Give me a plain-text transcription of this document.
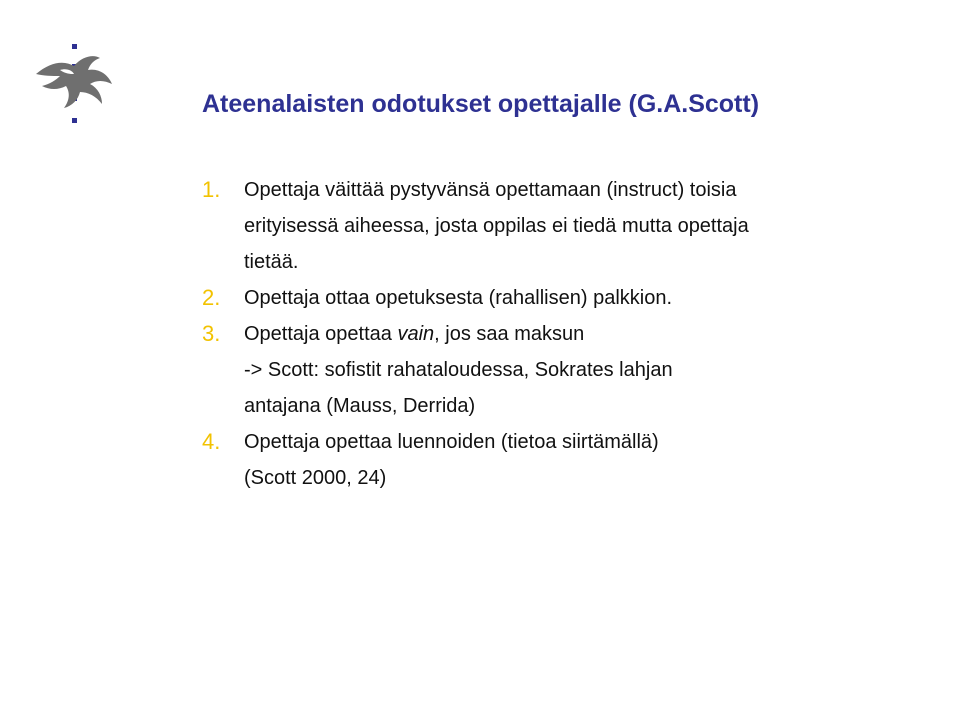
Ateenalaisten odotukset opettajalle (G.A.Scott)
1. Opettaja väittää pystyvänsä opettamaan (instruct) toisia
erityisessä aiheessa, josta oppilas ei tiedä mutta opettaja
tietää.
2. Opettaja ottaa opetuksesta (rahallisen) palkkion.
3. Opettaja opettaa vain, jos saa maksun
-> Scott: sofistit rahataloudessa, Sokrates lahjan
antajana (Mauss, Derrida)
4. Opettaja opettaa luennoiden (tietoa siirtämällä)
(Scott 2000, 24)
